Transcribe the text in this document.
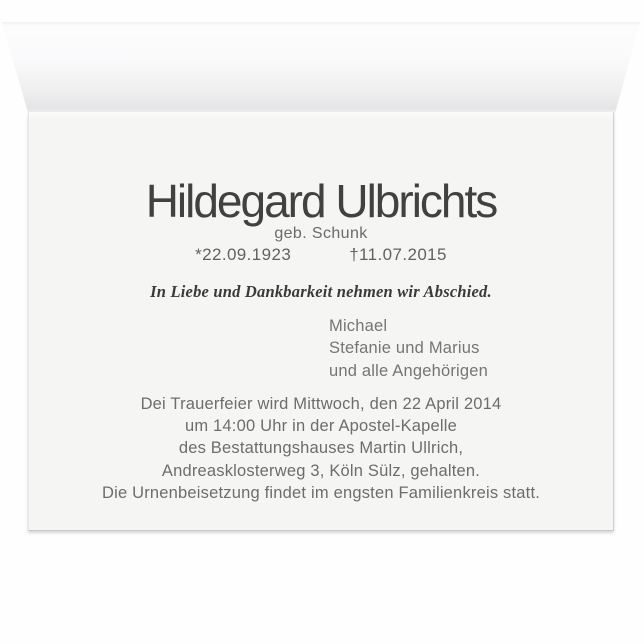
Hildegard Ulbrichts
geb. Schunk
*22.09.1923	†11.07.2015
In Liebe und Dankbarkeit nehmen wir Abschied.
Michael
Stefanie und Marius
und alle Angehörigen
Dei Trauerfeier wird Mittwoch, den 22 April 2014
um 14:00 Uhr in der Apostel-Kapelle
des Bestattungshauses Martin Ullrich,
Andreasklosterweg 3, Köln Sülz, gehalten.
Die Urnenbeisetzung findet im engsten Familienkreis statt.
